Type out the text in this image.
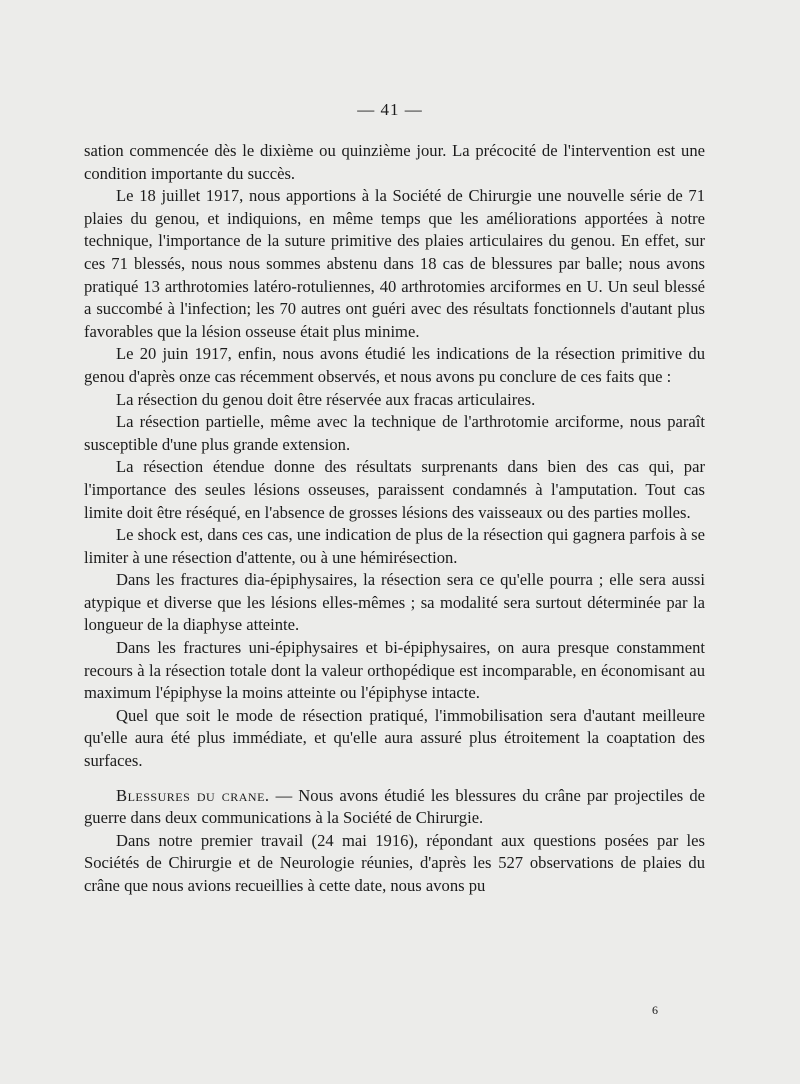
— 41 —

sation commencée dès le dixième ou quinzième jour. La précocité de l'intervention est une condition importante du succès.

Le 18 juillet 1917, nous apportions à la Société de Chirurgie une nouvelle série de 71 plaies du genou, et indiquions, en même temps que les améliorations apportées à notre technique, l'importance de la suture primitive des plaies articulaires du genou. En effet, sur ces 71 blessés, nous nous sommes abstenu dans 18 cas de blessures par balle; nous avons pratiqué 13 arthrotomies latéro-rotuliennes, 40 arthrotomies arciformes en U. Un seul blessé a succombé à l'infection; les 70 autres ont guéri avec des résultats fonctionnels d'autant plus favorables que la lésion osseuse était plus minime.

Le 20 juin 1917, enfin, nous avons étudié les indications de la résection primitive du genou d'après onze cas récemment observés, et nous avons pu conclure de ces faits que :

La résection du genou doit être réservée aux fracas articulaires.

La résection partielle, même avec la technique de l'arthrotomie arciforme, nous paraît susceptible d'une plus grande extension.

La résection étendue donne des résultats surprenants dans bien des cas qui, par l'importance des seules lésions osseuses, paraissent condamnés à l'amputation. Tout cas limite doit être réséqué, en l'absence de grosses lésions des vaisseaux ou des parties molles.

Le shock est, dans ces cas, une indication de plus de la résection qui gagnera parfois à se limiter à une résection d'attente, ou à une hémirésection.

Dans les fractures dia-épiphysaires, la résection sera ce qu'elle pourra ; elle sera aussi atypique et diverse que les lésions elles-mêmes ; sa modalité sera surtout déterminée par la longueur de la diaphyse atteinte.

Dans les fractures uni-épiphysaires et bi-épiphysaires, on aura presque constamment recours à la résection totale dont la valeur orthopédique est incomparable, en économisant au maximum l'épiphyse la moins atteinte ou l'épiphyse intacte.

Quel que soit le mode de résection pratiqué, l'immobilisation sera d'autant meilleure qu'elle aura été plus immédiate, et qu'elle aura assuré plus étroitement la coaptation des surfaces.

Blessures du crane. — Nous avons étudié les blessures du crâne par projectiles de guerre dans deux communications à la Société de Chirurgie.

Dans notre premier travail (24 mai 1916), répondant aux questions posées par les Sociétés de Chirurgie et de Neurologie réunies, d'après les 527 observations de plaies du crâne que nous avions recueillies à cette date, nous avons pu

6
